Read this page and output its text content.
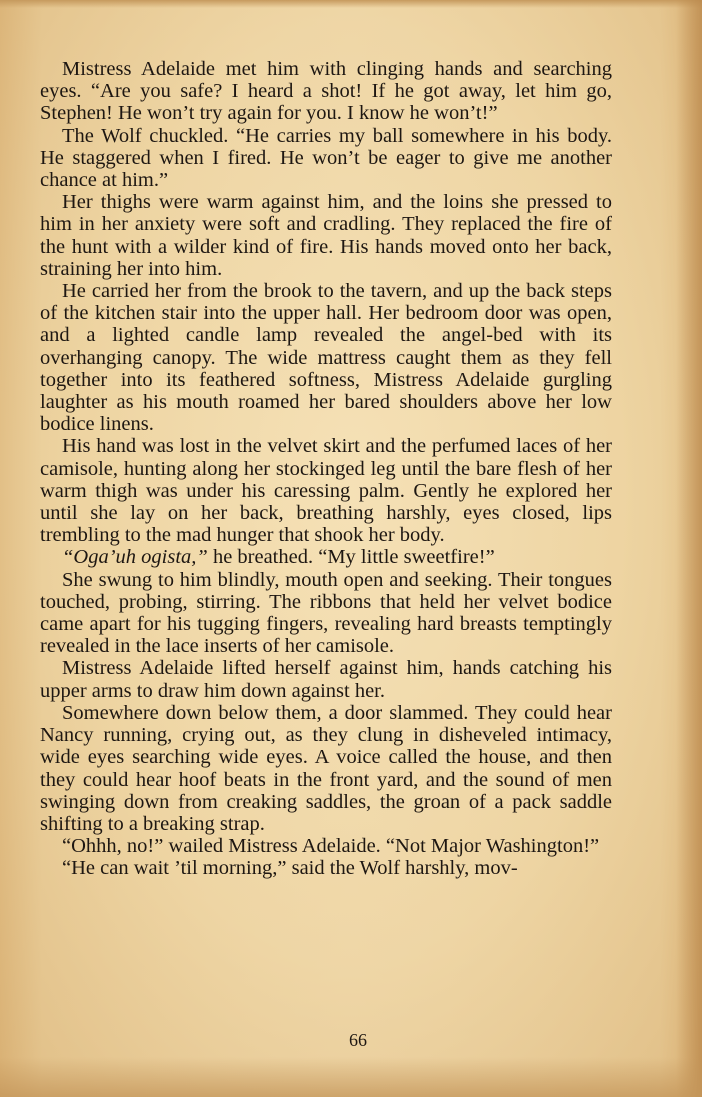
Mistress Adelaide met him with clinging hands and searching eyes. “Are you safe? I heard a shot! If he got away, let him go, Stephen! He won’t try again for you. I know he won’t!”

The Wolf chuckled. “He carries my ball somewhere in his body. He staggered when I fired. He won’t be eager to give me another chance at him.”

Her thighs were warm against him, and the loins she pressed to him in her anxiety were soft and cradling. They replaced the fire of the hunt with a wilder kind of fire. His hands moved onto her back, straining her into him.

He carried her from the brook to the tavern, and up the back steps of the kitchen stair into the upper hall. Her bedroom door was open, and a lighted candle lamp revealed the angel-bed with its overhanging canopy. The wide mattress caught them as they fell together into its feathered softness, Mistress Adelaide gurgling laughter as his mouth roamed her bared shoulders above her low bodice linens.

His hand was lost in the velvet skirt and the perfumed laces of her camisole, hunting along her stockinged leg until the bare flesh of her warm thigh was under his caressing palm. Gently he explored her until she lay on her back, breathing harshly, eyes closed, lips trembling to the mad hunger that shook her body.

“Oga’uh ogista,” he breathed. “My little sweetfire!”

She swung to him blindly, mouth open and seeking. Their tongues touched, probing, stirring. The ribbons that held her velvet bodice came apart for his tugging fingers, revealing hard breasts temptingly revealed in the lace inserts of her camisole.

Mistress Adelaide lifted herself against him, hands catching his upper arms to draw him down against her.

Somewhere down below them, a door slammed. They could hear Nancy running, crying out, as they clung in disheveled intimacy, wide eyes searching wide eyes. A voice called the house, and then they could hear hoof beats in the front yard, and the sound of men swinging down from creaking saddles, the groan of a pack saddle shifting to a breaking strap.

“Ohhh, no!” wailed Mistress Adelaide. “Not Major Washington!”

“He can wait ’til morning,” said the Wolf harshly, mov-

66
